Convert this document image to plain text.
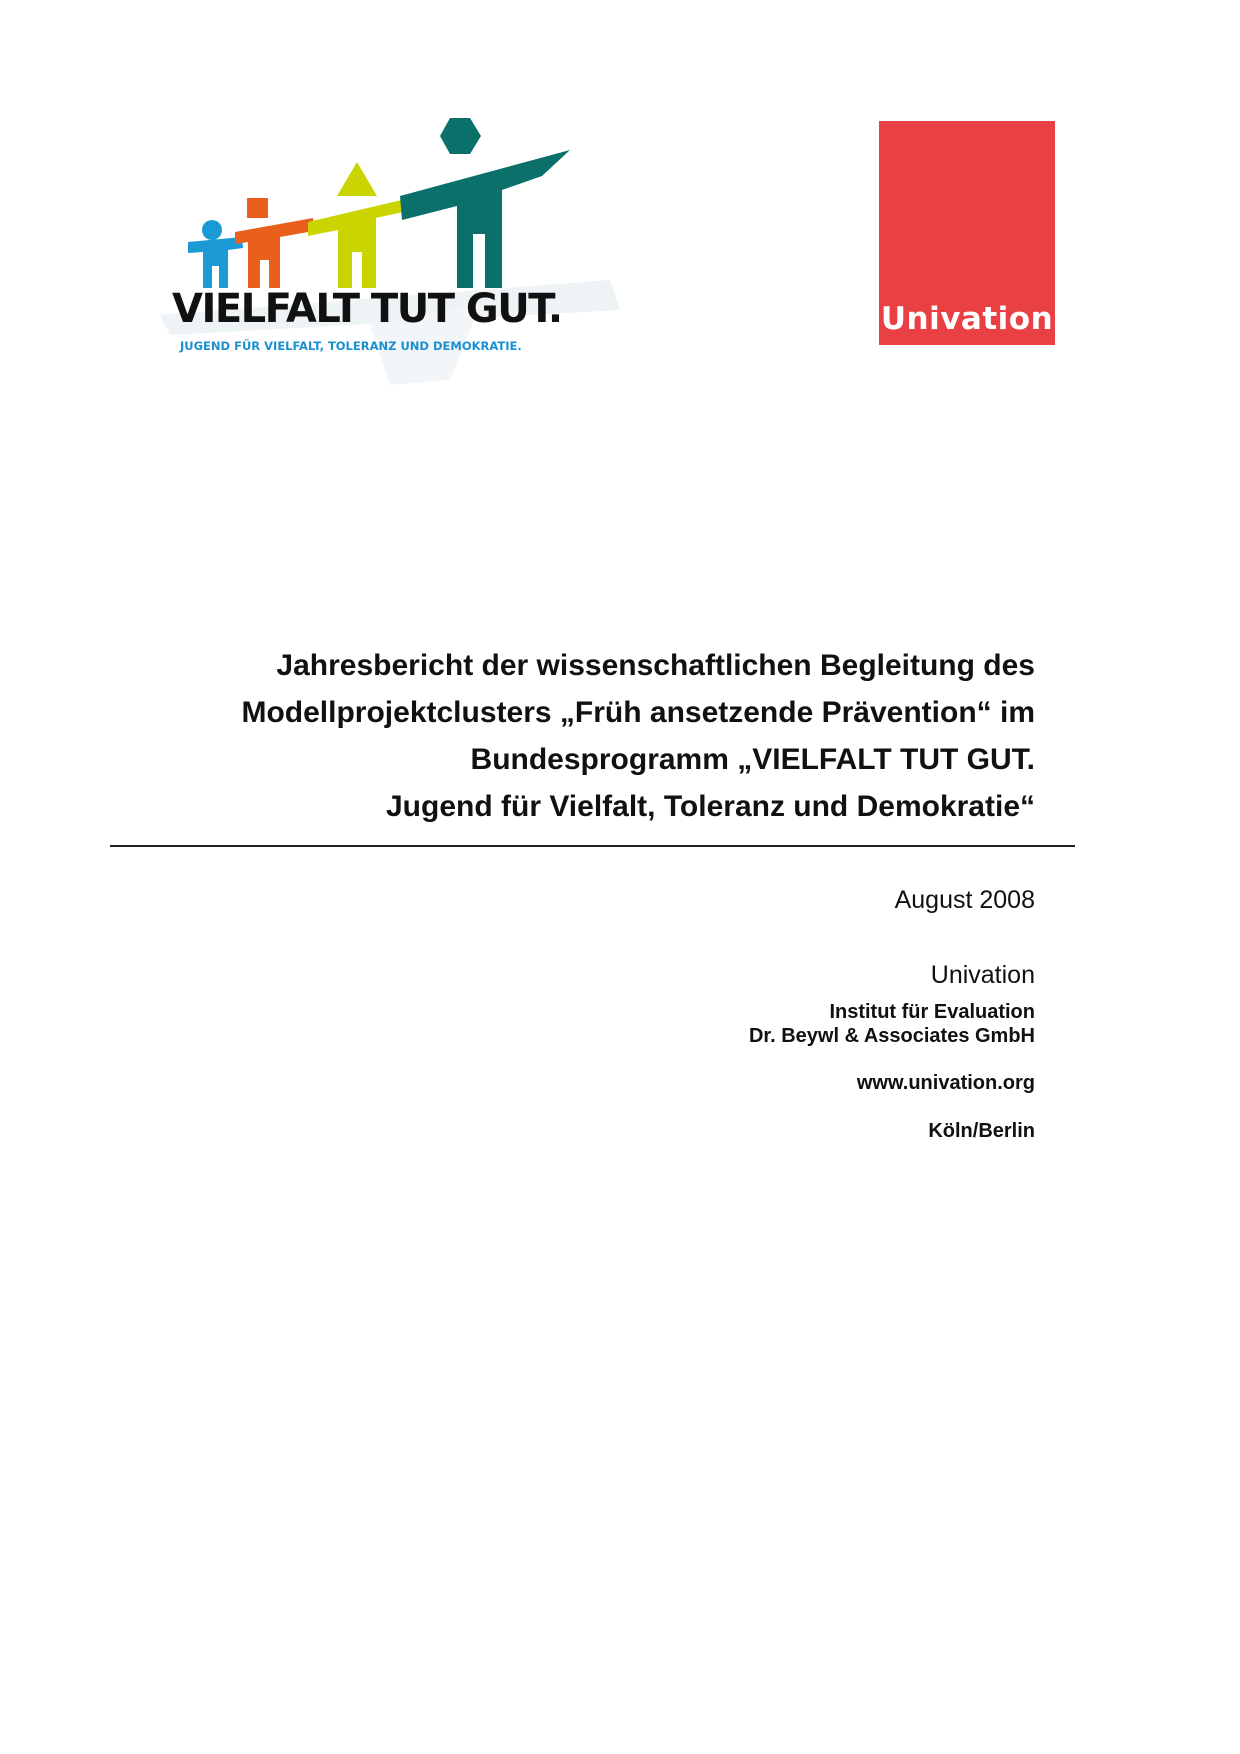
VIELFALT TUT GUT.
JUGEND FÜR VIELFALT, TOLERANZ UND DEMOKRATIE.
Univation
Jahresbericht der wissenschaftlichen Begleitung des
Modellprojektclusters „Früh ansetzende Prävention“ im
Bundesprogramm „VIELFALT TUT GUT.
Jugend für Vielfalt, Toleranz und Demokratie“
August 2008
Univation
Institut für Evaluation
Dr. Beywl & Associates GmbH
www.univation.org
Köln/Berlin
